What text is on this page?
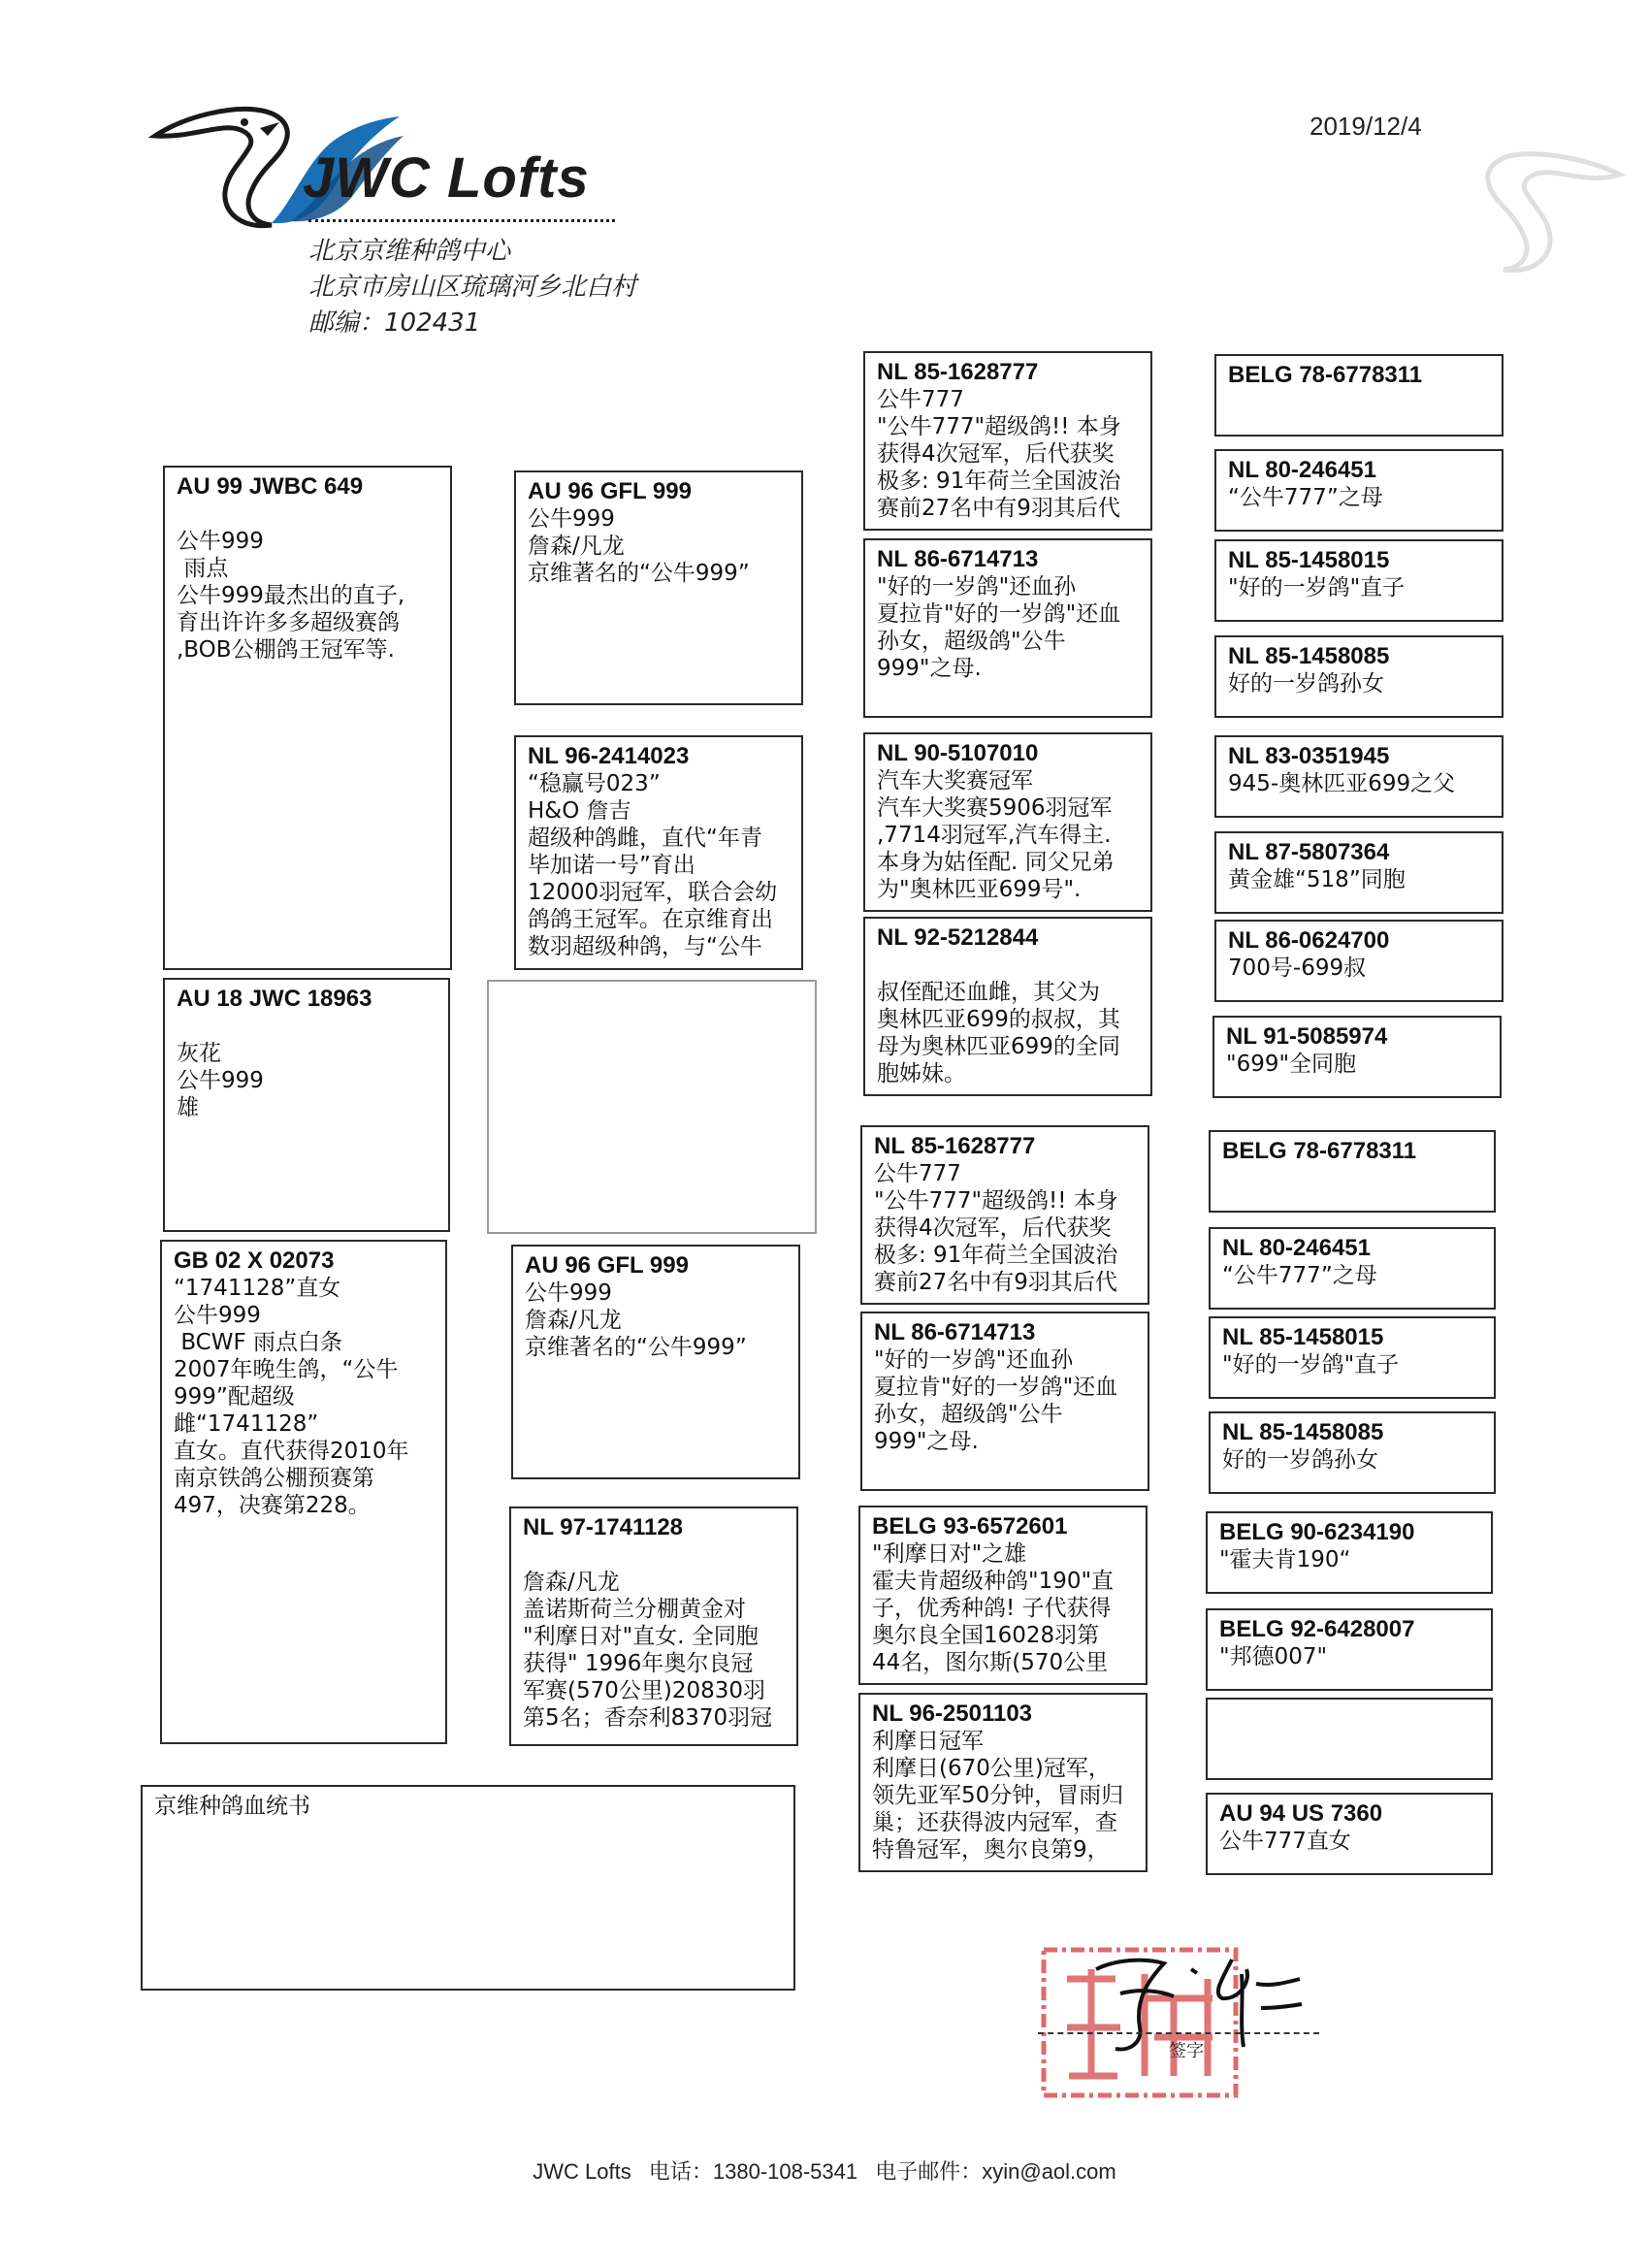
JWC Lofts
北京京维种鸽中心
北京市房山区琉璃河乡北白村
邮编：102431
2019/12/4
AU 99 JWBC 649
公牛999
雨点
公牛999最杰出的直子,
育出许许多多超级赛鸽
,BOB公棚鸽王冠军等.
AU 18 JWC 18963
灰花
公牛999
雄
GB 02 X 02073
“1741128”直女
公牛999
BCWF 雨点白条
2007年晚生鸽，“公牛
999”配超级雌“1741128”
直女。直代获得2010年
南京铁鸽公棚预赛第
497，决赛第228。
AU 96 GFL 999
公牛999
詹森/凡龙
京维著名的“公牛999”
NL 96-2414023
“稳赢号023”
H&O 詹吉
超级种鸽雌，直代“年青
毕加诺一号”育出
12000羽冠军，联合会幼
鸽鸽王冠军。在京维育出
数羽超级种鸽，与“公牛
AU 96 GFL 999
公牛999
詹森/凡龙
京维著名的“公牛999”
NL 97-1741128
詹森/凡龙
盖诺斯荷兰分棚黄金对
"利摩日对"直女. 全同胞
获得" 1996年奥尔良冠
军赛(570公里)20830羽
第5名；香奈利8370羽冠
京维种鸽血统书
NL 85-1628777
公牛777
"公牛777"超级鸽!! 本身
获得4次冠军，后代获奖
极多: 91年荷兰全国波治
赛前27名中有9羽其后代
NL 86-6714713
"好的一岁鸽"还血孙
夏拉肯"好的一岁鸽"还血
孙女，超级鸽"公牛
999"之母.
NL 90-5107010
汽车大奖赛冠军
汽车大奖赛5906羽冠军
,7714羽冠军,汽车得主.
本身为姑侄配. 同父兄弟
为"奥林匹亚699号".
NL 92-5212844
叔侄配还血雌，其父为
奥林匹亚699的叔叔，其
母为奥林匹亚699的全同
胞姊妹。
NL 85-1628777
公牛777
"公牛777"超级鸽!! 本身
获得4次冠军，后代获奖
极多: 91年荷兰全国波治
赛前27名中有9羽其后代
NL 86-6714713
"好的一岁鸽"还血孙
夏拉肯"好的一岁鸽"还血
孙女，超级鸽"公牛
999"之母.
BELG 93-6572601
"利摩日对"之雄
霍夫肯超级种鸽"190"直
子，优秀种鸽! 子代获得
奥尔良全国16028羽第
44名，图尔斯(570公里
NL 96-2501103
利摩日冠军
利摩日(670公里)冠军，
领先亚军50分钟，冒雨归
巢；还获得波内冠军，查
特鲁冠军，奥尔良第9，
BELG 78-6778311
NL 80-246451
“公牛777”之母
NL 85-1458015
"好的一岁鸽"直子
NL 85-1458085
好的一岁鸽孙女
NL 83-0351945
945-奥林匹亚699之父
NL 87-5807364
黄金雄“518”同胞
NL 86-0624700
700号-699叔
NL 91-5085974
"699"全同胞
BELG 78-6778311
NL 80-246451
“公牛777”之母
NL 85-1458015
"好的一岁鸽"直子
NL 85-1458085
好的一岁鸽孙女
BELG 90-6234190
"霍夫肯190“
BELG 92-6428007
"邦德007"
AU 94 US 7360
公牛777直女
签字
JWC Lofts 电话：1380-108-5341 电子邮件：xyin@aol.com
